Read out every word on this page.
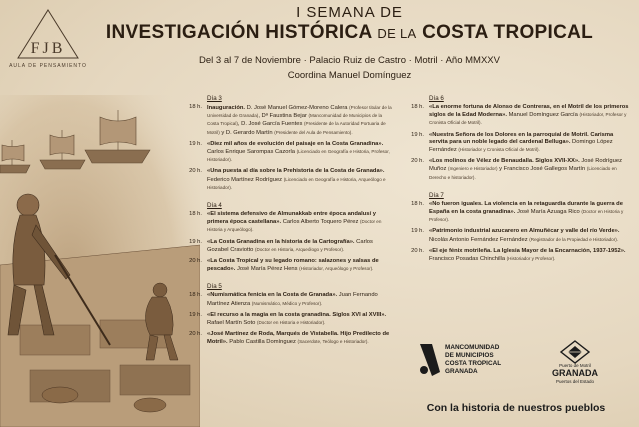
FJB
AULA DE PENSAMIENTO
I SEMANA DE
INVESTIGACIÓN HISTÓRICA DE LA COSTA TROPICAL
Del 3 al 7 de Noviembre · Palacio Ruiz de Castro · Motril · Año MMXXV
Coordina Manuel Domínguez
Día 3
18 h. Inauguración. D. José Manuel Gómez-Moreno Calera (Profesor titular de la Universidad de Granada), Dª Faustina Bejar (Mancomunidad de Municipios de la Costa Tropical), D. José García Fuentes (Presidente de la Autoridad Portuaria de Motril) y D. Gerardo Martín (Presidente del Aula de Pensamiento).
19 h. «Diez mil años de evolución del paisaje en la Costa Granadina». Carlos Enrique Sarompas Cazorla (Licenciado en Geografía e Historia, Profesor, Historiador).
20 h. «Una puesta al día sobre la Prehistoria de la Costa de Granada». Federico Martínez Rodríguez (Licenciado en Geografía e Historia, Arqueólogo e Historiador).
Día 4
18 h. «El sistema defensivo de Almunakkab entre época andalusí y primera época castellana». Carlos Alberto Toquero Pérez (Doctor en Historia y Arqueólogo).
19 h. «La Costa Granadina en la historia de la Cartografía». Carlos Gozabel Craviotto (Doctor en Historia, Arqueólogo y Profesor).
20 h. «La Costa Tropical y su legado romano: salazones y salsas de pescado». José María Pérez Hens (Historiador, Arqueólogo y Profesor).
Día 5
18 h. «Numismática fenicia en la Costa de Granada». Juan Fernando Martínez Atienza (Numismático, Médico y Profesor).
19 h. «El recurso a la magia en la costa granadina. Siglos XVI al XVIII». Rafael Martín Soto (Doctor en Historia e Historiador).
20 h. «José Martínez de Roda, Marqués de Vistabella. Hijo Predilecto de Motril». Pablo Castilla Domínguez (Sacerdote, Teólogo e Historiador).
Día 6
18 h. «La enorme fortuna de Alonso de Contreras, en el Motril de los primeros siglos de la Edad Moderna». Manuel Domínguez García (Historiador, Profesor y Cronista Oficial de Motril).
19 h. «Nuestra Señora de los Dolores en la parroquial de Motril. Carisma servita para un noble legado del cardenal Belluga». Domingo López Fernández (Historiador y Cronista Oficial de Motril).
20 h. «Los molinos de Vélez de Benaudalla. Siglos XVII-XX». José Rodríguez Muñoz (Ingeniero e Historiador) y Francisco José Gallegos Martín (Licenciado en Derecho e historiador).
Día 7
18 h. «No fueron iguales. La violencia en la retaguardia durante la guerra de España en la costa granadina». José María Azuaga Rico (Doctor en Historia y Profesor).
19 h. «Patrimonio industrial azucarero en Almuñécar y valle del río Verde». Nicolás Antonio Fernández Fernández (Registrador de la Propiedad e Historiador).
20 h. «El eje fénix motrileña. La Iglesia Mayor de la Encarnación, 1937-1952». Francisco Posadas Chinchilla (Historiador y Profesor).
MANCOMUNIDAD
DE MUNICIPIOS
COSTA TROPICAL
GRANADA
Puerto de Motril
GRANADA
Puertos del Estado
Con la historia de nuestros pueblos
